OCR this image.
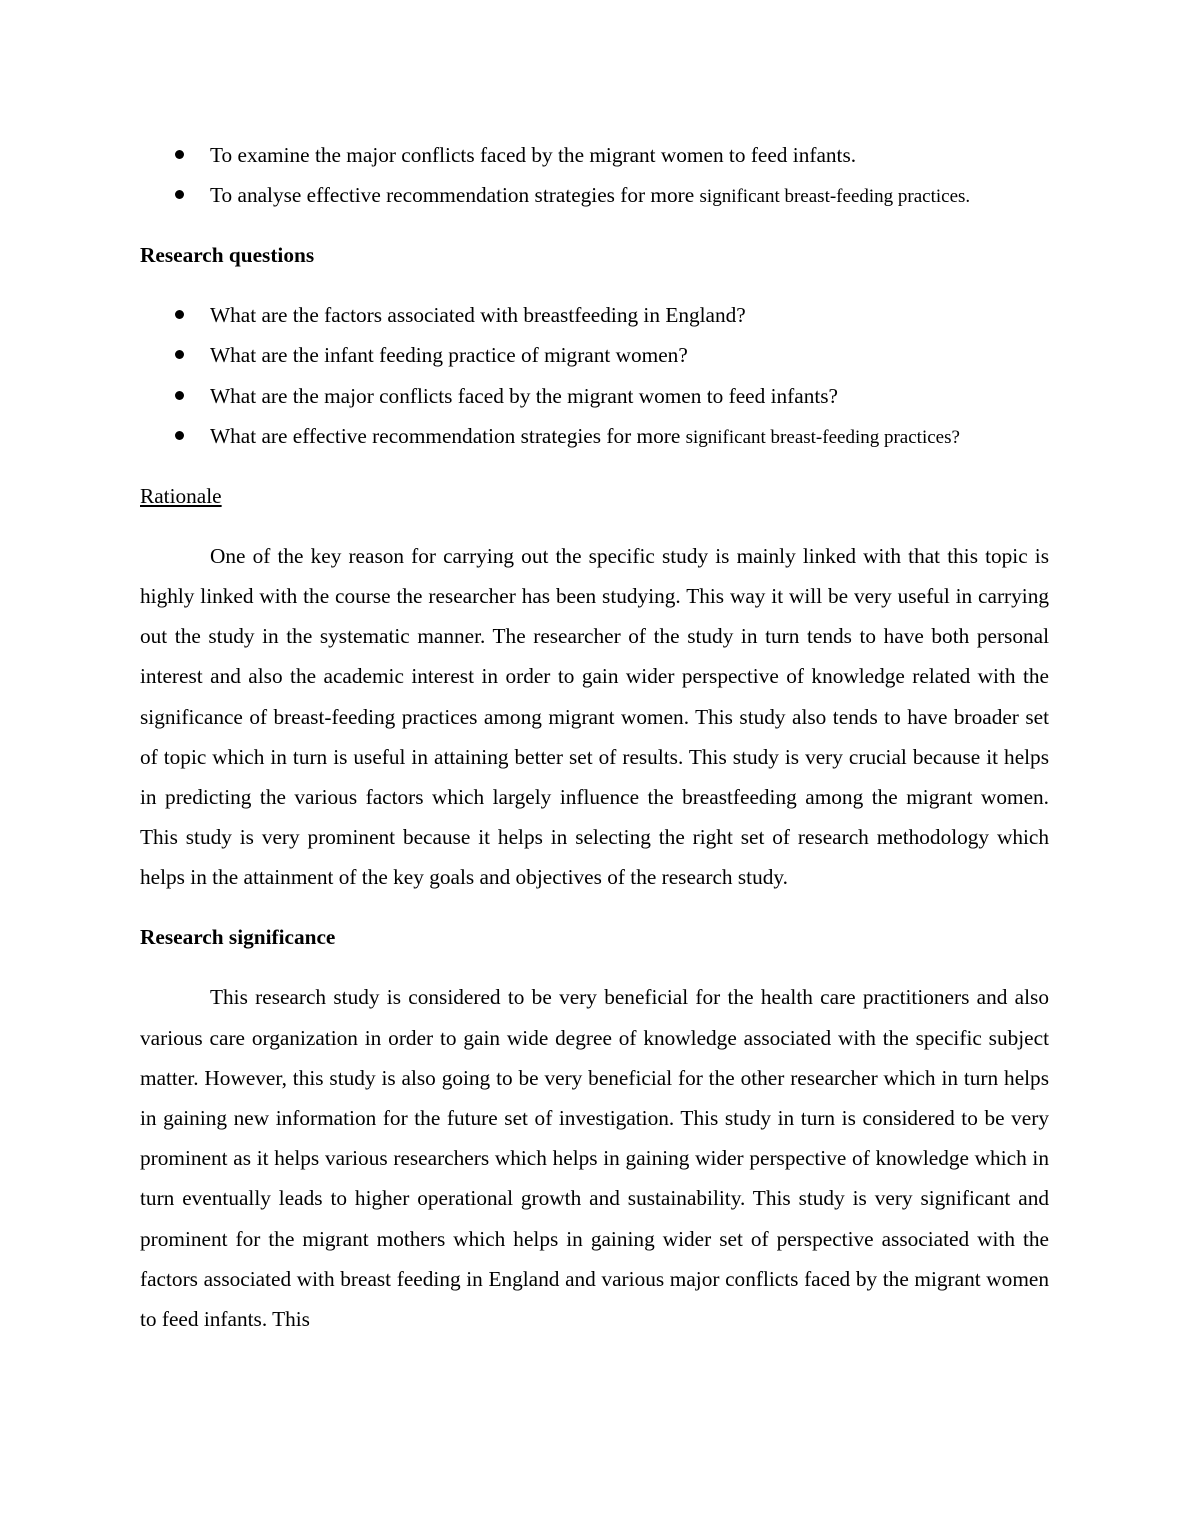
To examine the major conflicts faced by the migrant women to feed infants.
To analyse effective recommendation strategies for more significant breast-feeding practices.
Research questions
What are the factors associated with breastfeeding in England?
What are the infant feeding practice of migrant women?
What are the major conflicts faced by the migrant women to feed infants?
What are effective recommendation strategies for more significant breast-feeding practices?
Rationale

One of the key reason for carrying out the specific study is mainly linked with that this topic is highly linked with the course the researcher has been studying. This way it will be very useful in carrying out the study in the systematic manner. The researcher of the study in turn tends to have both personal interest and also the academic interest in order to gain wider perspective of knowledge related with the significance of breast-feeding practices among migrant women. This study also tends to have broader set of topic which in turn is useful in attaining better set of results. This study is very crucial because it helps in predicting the various factors which largely influence the breastfeeding among the migrant women. This study is very prominent because it helps in selecting the right set of research methodology which helps in the attainment of the key goals and objectives of the research study.

Research significance

This research study is considered to be very beneficial for the health care practitioners and also various care organization in order to gain wide degree of knowledge associated with the specific subject matter. However, this study is also going to be very beneficial for the other researcher which in turn helps in gaining new information for the future set of investigation. This study in turn is considered to be very prominent as it helps various researchers which helps in gaining wider perspective of knowledge which in turn eventually leads to higher operational growth and sustainability. This study is very significant and prominent for the migrant mothers which helps in gaining wider set of perspective associated with the factors associated with breast feeding in England and various major conflicts faced by the migrant women to feed infants. This
